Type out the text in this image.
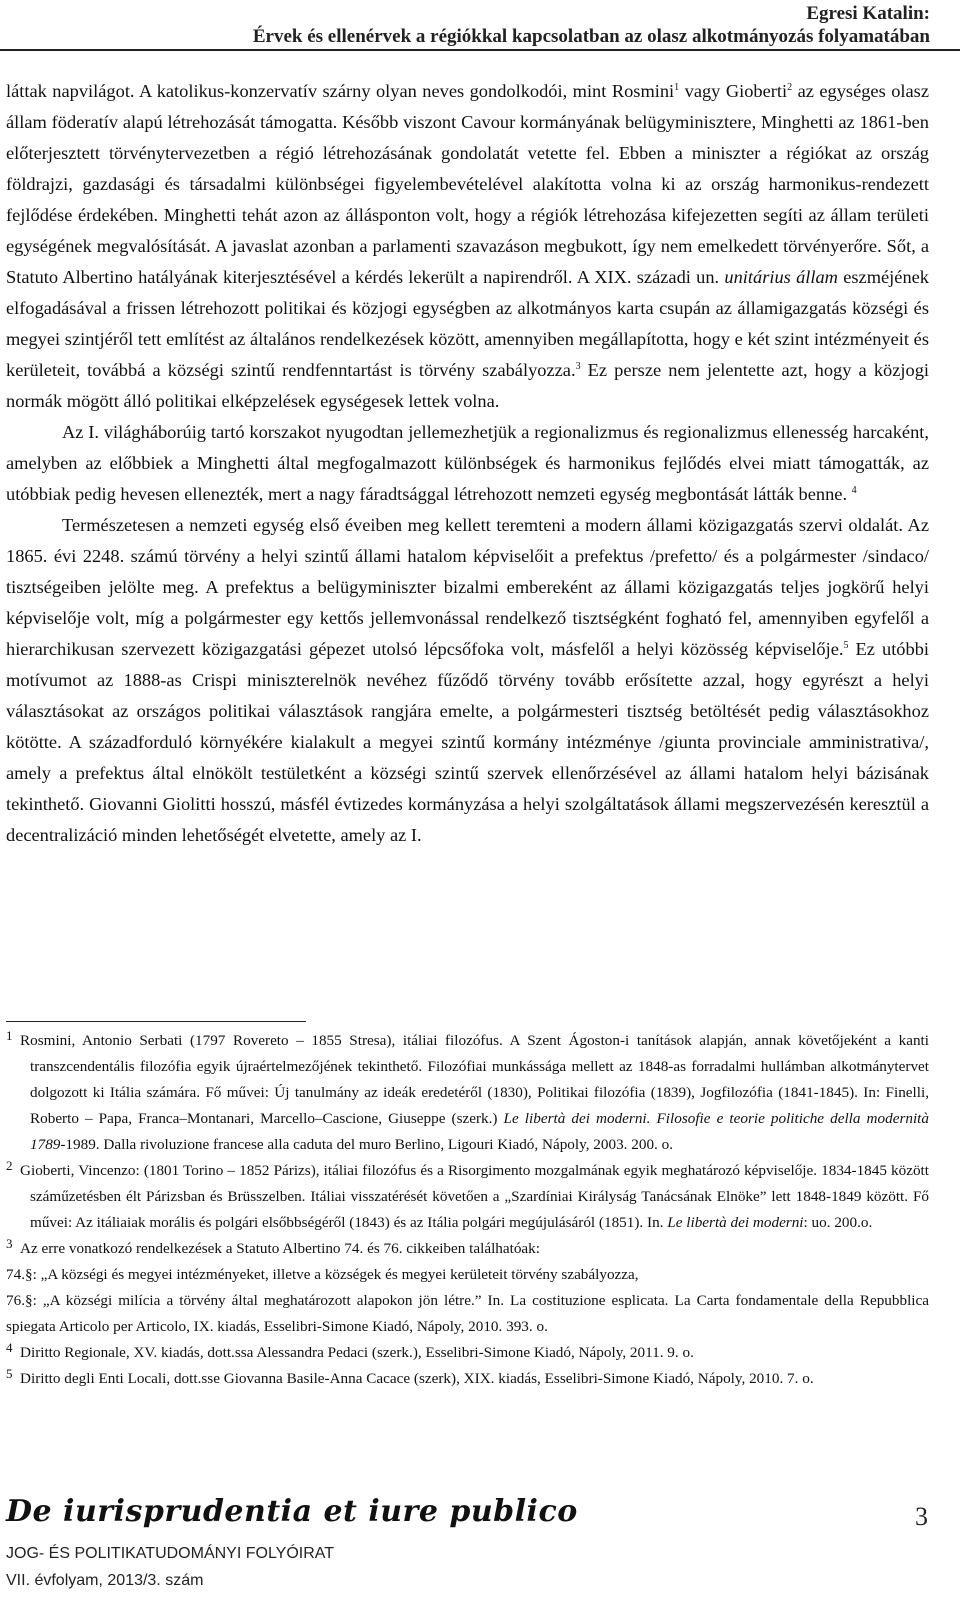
Egresi Katalin:
Érvek és ellenérvek a régiókkal kapcsolatban az olasz alkotmányozás folyamatában

láttak napvilágot. A katolikus-konzervatív szárny olyan neves gondolkodói, mint Rosmini$^1$ vagy Gioberti$^2$ az egységes olasz állam föderatív alapú létrehozását támogatta. Később viszont Cavour kormányának belügyminisztere, Minghetti az 1861-ben előterjesztett törvénytervezetben a régió létrehozásának gondolatát vetette fel. Ebben a miniszter a régiókat az ország földrajzi, gazdasági és társadalmi különbségei figyelembevételével alakította volna ki az ország harmonikus-rendezett fejlődése érdekében. Minghetti tehát azon az állásponton volt, hogy a régiók létrehozása kifejezetten segíti az állam területi egységének megvalósítását. A javaslat azonban a parlamenti szavazáson megbukott, így nem emelkedett törvényerőre. Sőt, a Statuto Albertino hatályának kiterjesztésével a kérdés lekerült a napirendről. A XIX. századi un. unitárius állam eszméjének elfogadásával a frissen létrehozott politikai és közjogi egységben az alkotmányos karta csupán az államigazgatás községi és megyei szintjéről tett említést az általános rendelkezések között, amennyiben megállapította, hogy e két szint intézményeit és kerületeit, továbbá a községi szintű rendfenntartást is törvény szabályozza.$^3$ Ez persze nem jelentette azt, hogy a közjogi normák mögött álló politikai elképzelések egységesek lettek volna.

Az I. világháborúig tartó korszakot nyugodtan jellemezhetjük a regionalizmus és regionalizmus ellenesség harcaként, amelyben az előbbiek a Minghetti által megfogalmazott különbségek és harmonikus fejlődés elvei miatt támogatták, az utóbbiak pedig hevesen ellenezték, mert a nagy fáradtsággal létrehozott nemzeti egység megbontását látták benne. $^4$

Természetesen a nemzeti egység első éveiben meg kellett teremteni a modern állami közigazgatás szervi oldalát. Az 1865. évi 2248. számú törvény a helyi szintű állami hatalom képviselőit a prefektus /prefetto/ és a polgármester /sindaco/ tisztségeiben jelölte meg. A prefektus a belügyminiszter bizalmi embereként az állami közigazgatás teljes jogkörű helyi képviselője volt, míg a polgármester egy kettős jellemvonással rendelkező tisztségként fogható fel, amennyiben egyfelől a hierarchikusan szervezett közigazgatási gépezet utolsó lépcsőfoka volt, másfelől a helyi közösség képviselője.$^5$ Ez utóbbi motívumot az 1888-as Crispi miniszterelnök nevéhez fűződő törvény tovább erősítette azzal, hogy egyrészt a helyi választásokat az országos politikai választások rangjára emelte, a polgármesteri tisztség betöltését pedig választásokhoz kötötte. A századforduló környékére kialakult a megyei szintű kormány intézménye /giunta provinciale amministrativa/, amely a prefektus által elnökölt testületként a községi szintű szervek ellenőrzésével az állami hatalom helyi bázisának tekinthető. Giovanni Giolitti hosszú, másfél évtizedes kormányzása a helyi szolgáltatások állami megszervezésén keresztül a decentralizáció minden lehetőségét elvetette, amely az I.

1 Rosmini, Antonio Serbati (1797 Rovereto – 1855 Stresa), itáliai filozófus. A Szent Ágoston-i tanítások alapján, annak követőjeként a kanti transzcendentális filozófia egyik újraértelmezőjének tekinthető. Filozófiai munkássága mellett az 1848-as forradalmi hullámban alkotmánytervet dolgozott ki Itália számára. Fő művei: Új tanulmány az ideák eredetéről (1830), Politikai filozófia (1839), Jogfilozófia (1841-1845). In: Finelli, Roberto – Papa, Franca–Montanari, Marcello–Cascione, Giuseppe (szerk.) Le libertà dei moderni. Filosofie e teorie politiche della modernità 1789-1989. Dalla rivoluzione francese alla caduta del muro Berlino, Ligouri Kiadó, Nápoly, 2003. 200. o.

2 Gioberti, Vincenzo: (1801 Torino – 1852 Párizs), itáliai filozófus és a Risorgimento mozgalmának egyik meghatározó képviselője. 1834-1845 között száműzetésben élt Párizsban és Brüsszelben. Itáliai visszatérését követően a „Szardíniai Királyság Tanácsának Elnöke” lett 1848-1849 között. Fő művei: Az itáliaiak morális és polgári elsőbbségéről (1843) és az Itália polgári megújulásáról (1851). In. Le libertà dei moderni: uo. 200.o.

3 Az erre vonatkozó rendelkezések a Statuto Albertino 74. és 76. cikkeiben találhatóak:

74.§: „A községi és megyei intézményeket, illetve a községek és megyei kerületeit törvény szabályozza,

76.§: „A községi milícia a törvény által meghatározott alapokon jön létre.” In. La costituzione esplicata. La Carta fondamentale della Repubblica spiegata Articolo per Articolo, IX. kiadás, Esselibri-Simone Kiadó, Nápoly, 2010. 393. o.

4 Diritto Regionale, XV. kiadás, dott.ssa Alessandra Pedaci (szerk.), Esselibri-Simone Kiadó, Nápoly, 2011. 9. o.

5 Diritto degli Enti Locali, dott.sse Giovanna Basile-Anna Cacace (szerk), XIX. kiadás, Esselibri-Simone Kiadó, Nápoly, 2010. 7. o.

De iurisprudentia et iure publico
JOG- ÉS POLITIKATUDOMÁNYI FOLYÓIRAT
VII. évfolyam, 2013/3. szám
3
